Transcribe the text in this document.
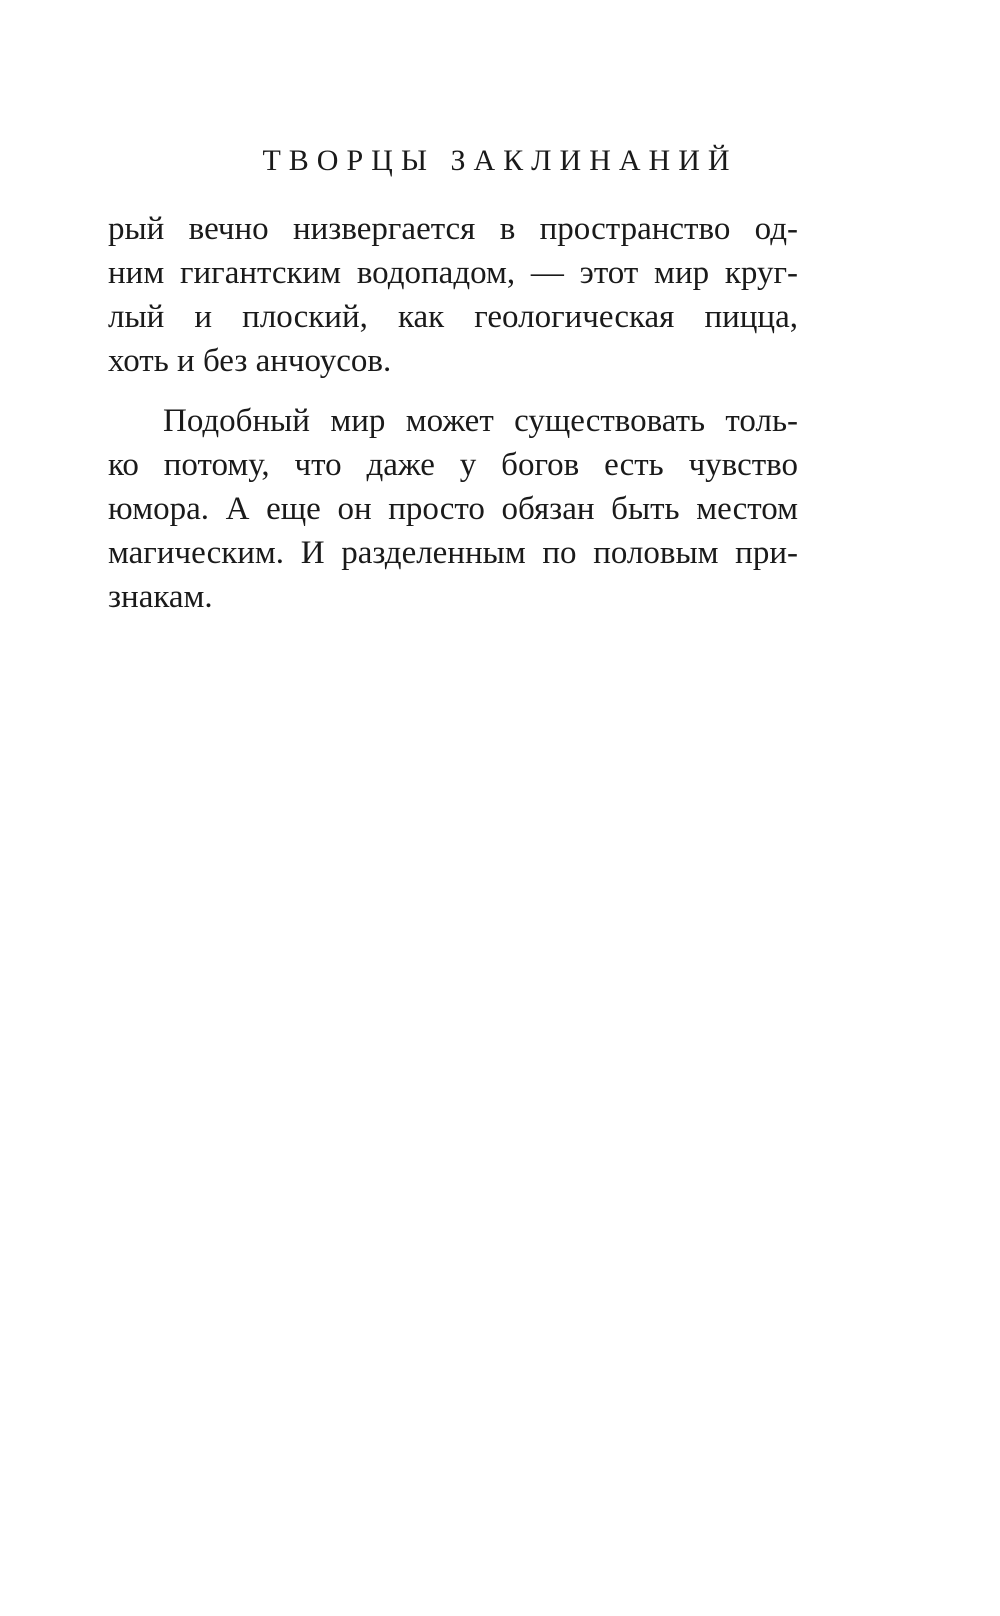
ТВОРЦЫ ЗАКЛИНАНИЙ
рый вечно низвергается в пространство од-
ним гигантским водопадом, — этот мир круг-
лый и плоский, как геологическая пицца,
хоть и без анчоусов.
Подобный мир может существовать толь-
ко потому, что даже у богов есть чувство
юмора. А еще он просто обязан быть местом
магическим. И разделенным по половым при-
знакам.
